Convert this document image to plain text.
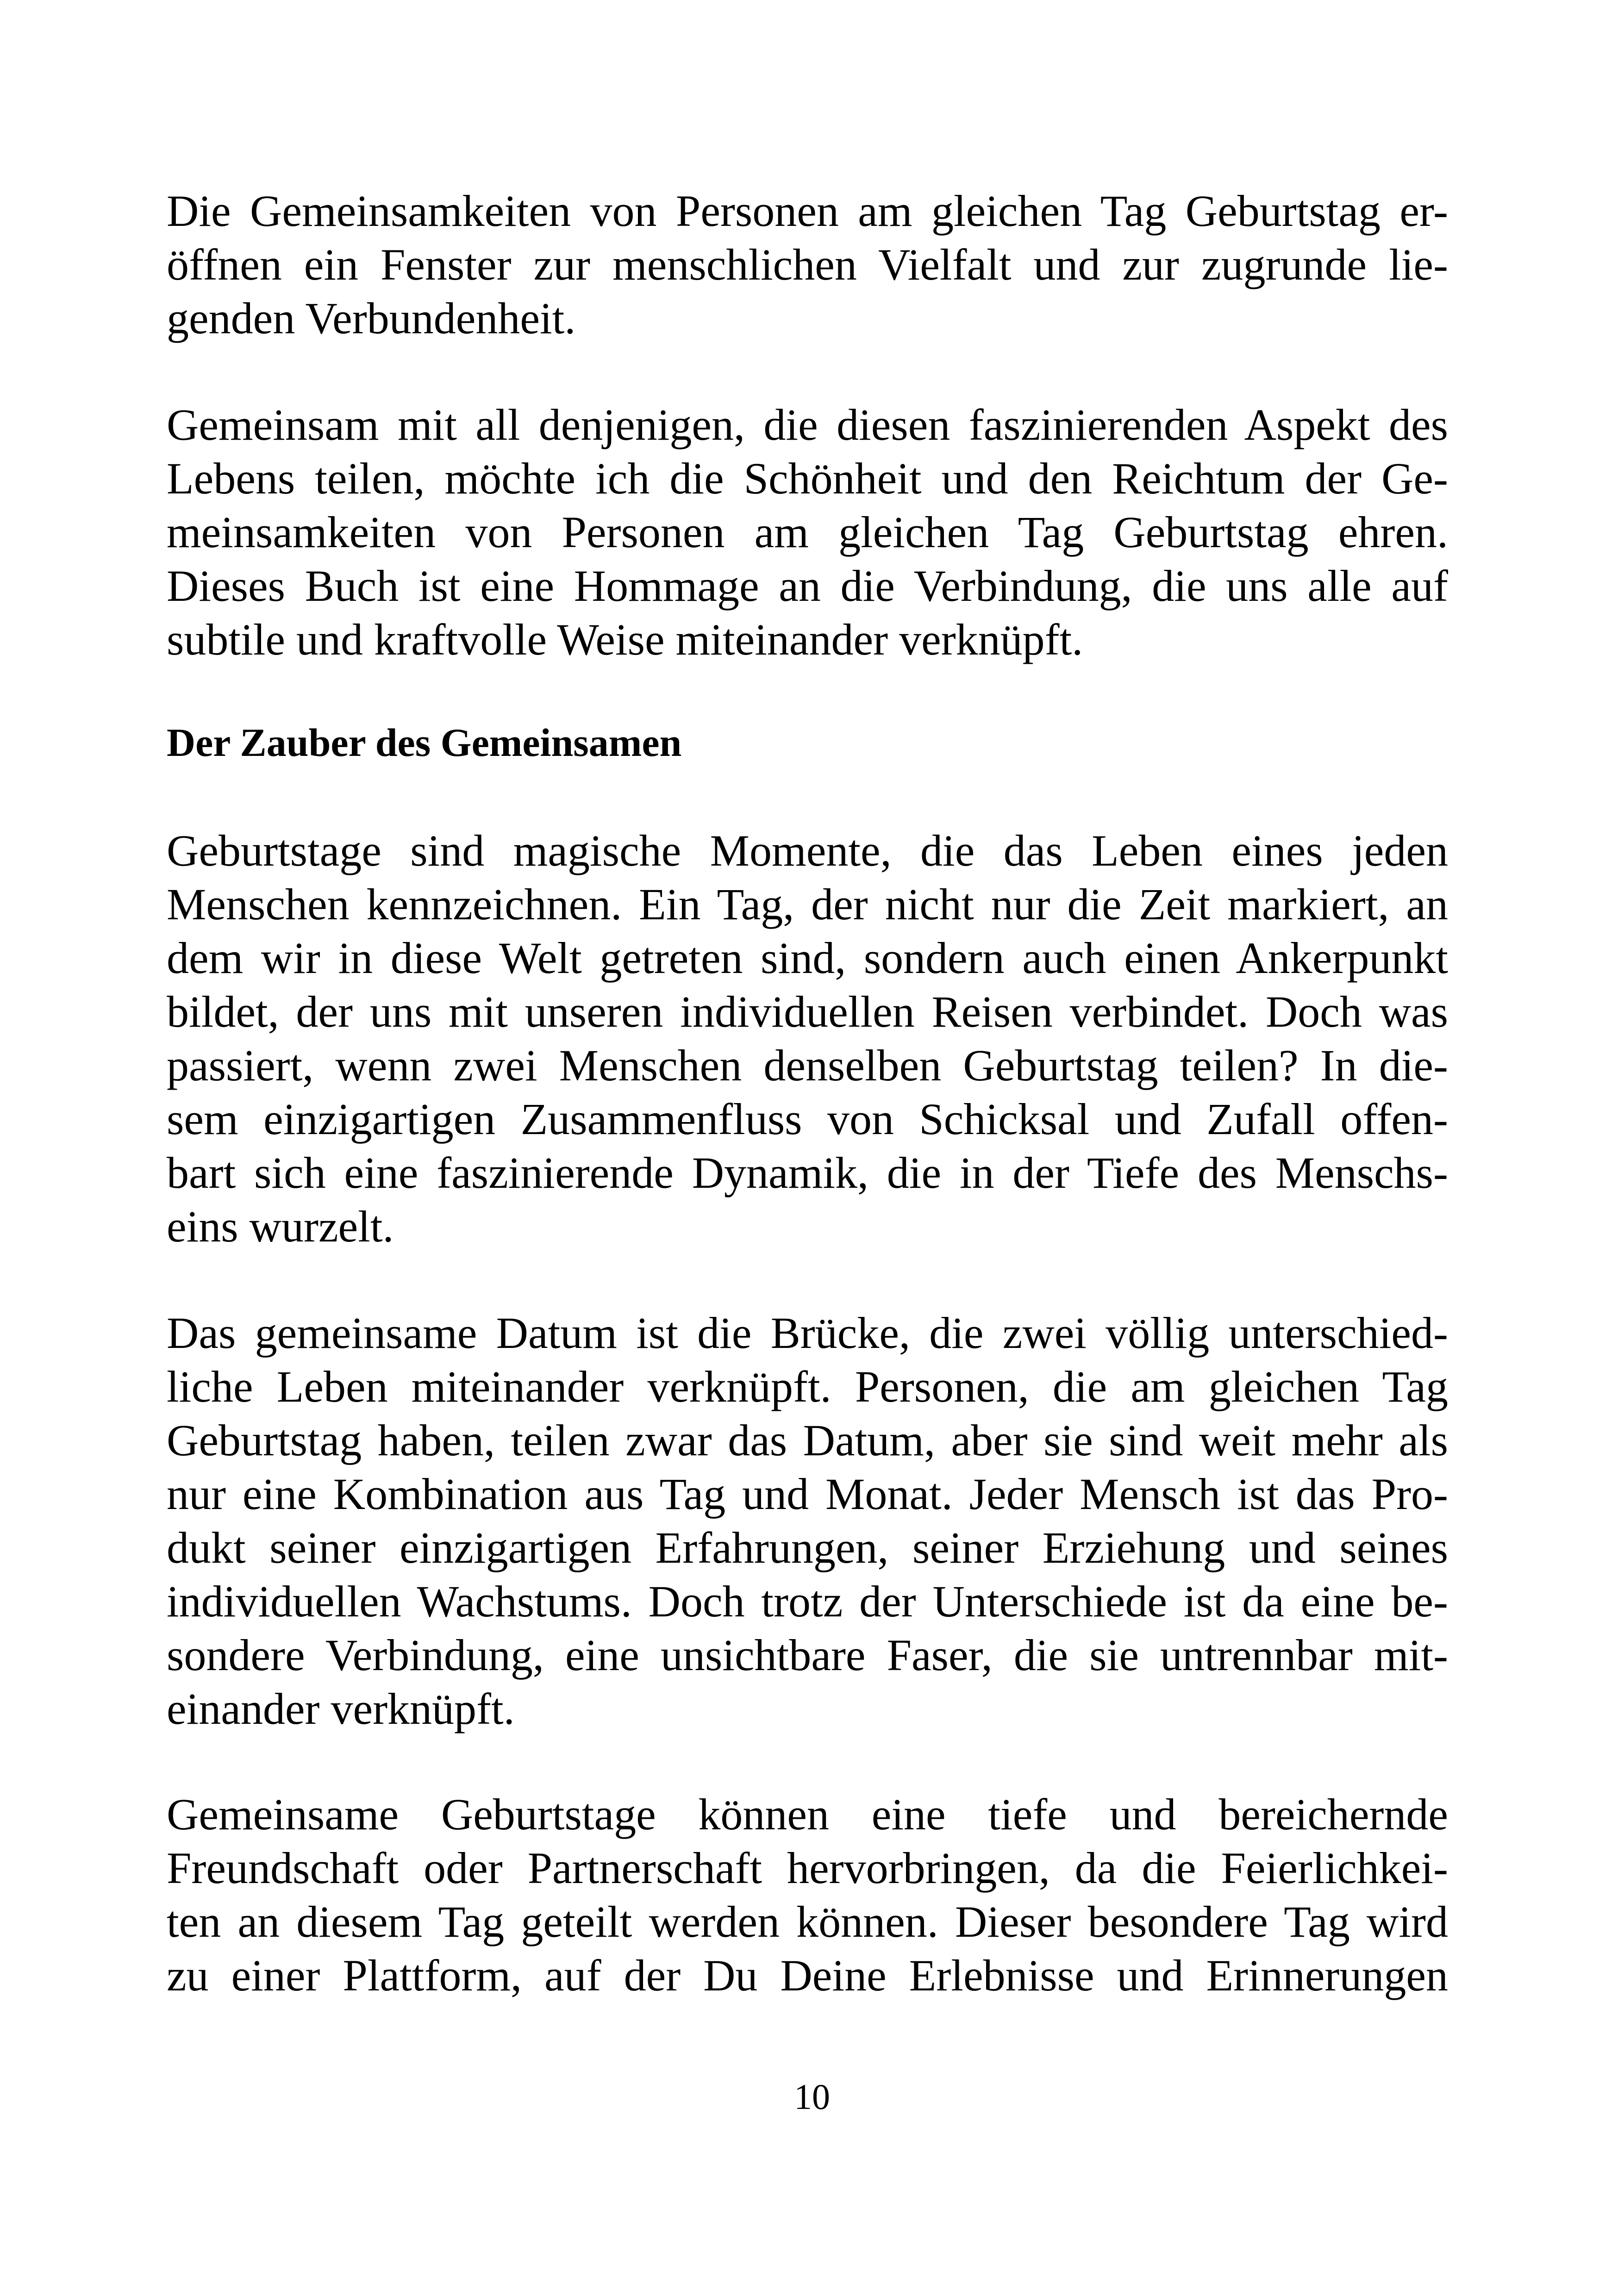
Die Gemeinsamkeiten von Personen am gleichen Tag Geburtstag er-
öffnen ein Fenster zur menschlichen Vielfalt und zur zugrunde lie-
genden Verbundenheit.
Gemeinsam mit all denjenigen, die diesen faszinierenden Aspekt des
Lebens teilen, möchte ich die Schönheit und den Reichtum der Ge-
meinsamkeiten von Personen am gleichen Tag Geburtstag ehren.
Dieses Buch ist eine Hommage an die Verbindung, die uns alle auf
subtile und kraftvolle Weise miteinander verknüpft.
Der Zauber des Gemeinsamen
Geburtstage sind magische Momente, die das Leben eines jeden
Menschen kennzeichnen. Ein Tag, der nicht nur die Zeit markiert, an
dem wir in diese Welt getreten sind, sondern auch einen Ankerpunkt
bildet, der uns mit unseren individuellen Reisen verbindet. Doch was
passiert, wenn zwei Menschen denselben Geburtstag teilen? In die-
sem einzigartigen Zusammenfluss von Schicksal und Zufall offen-
bart sich eine faszinierende Dynamik, die in der Tiefe des Menschs-
eins wurzelt.
Das gemeinsame Datum ist die Brücke, die zwei völlig unterschied-
liche Leben miteinander verknüpft. Personen, die am gleichen Tag
Geburtstag haben, teilen zwar das Datum, aber sie sind weit mehr als
nur eine Kombination aus Tag und Monat. Jeder Mensch ist das Pro-
dukt seiner einzigartigen Erfahrungen, seiner Erziehung und seines
individuellen Wachstums. Doch trotz der Unterschiede ist da eine be-
sondere Verbindung, eine unsichtbare Faser, die sie untrennbar mit-
einander verknüpft.
Gemeinsame Geburtstage können eine tiefe und bereichernde
Freundschaft oder Partnerschaft hervorbringen, da die Feierlichkei-
ten an diesem Tag geteilt werden können. Dieser besondere Tag wird
zu einer Plattform, auf der Du Deine Erlebnisse und Erinnerungen
10
